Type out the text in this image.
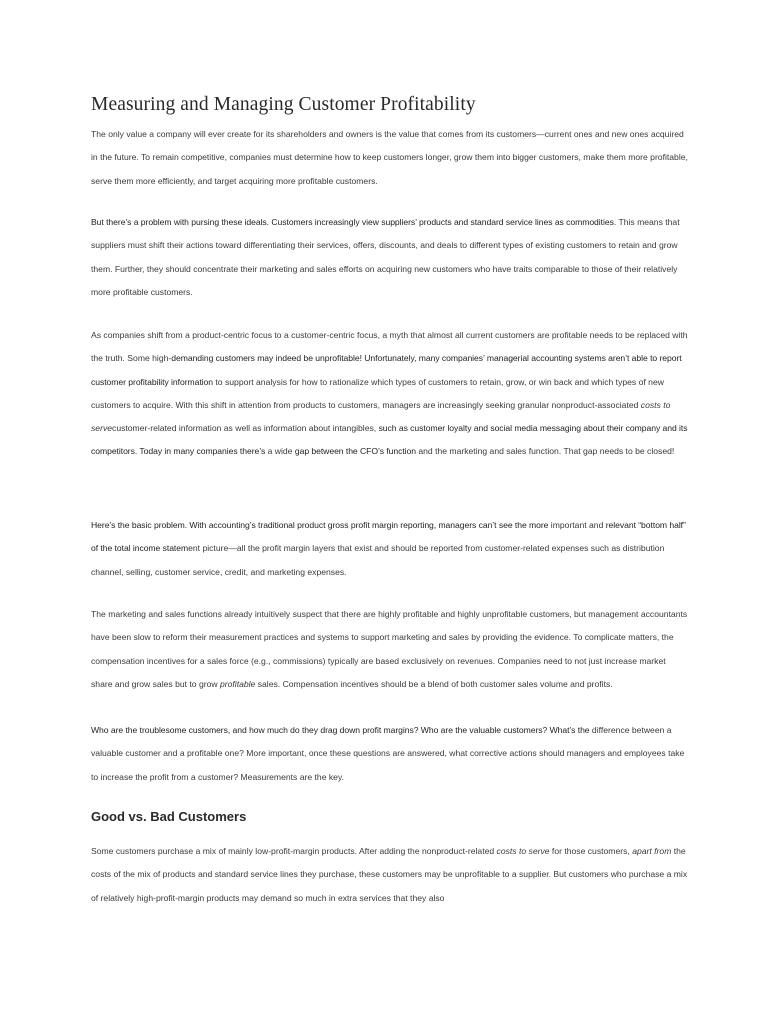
Measuring and Managing Customer Profitability

The only value a company will ever create for its shareholders and owners is the value that comes from its customers—current ones and new ones acquired in the future. To remain competitive, companies must determine how to keep customers longer, grow them into bigger customers, make them more profitable, serve them more efficiently, and target acquiring more profitable customers.

But there’s a problem with pursing these ideals. Customers increasingly view suppliers’ products and standard service lines as commodities. This means that suppliers must shift their actions toward differentiating their services, offers, discounts, and deals to different types of existing customers to retain and grow them. Further, they should concentrate their marketing and sales efforts on acquiring new customers who have traits comparable to those of their relatively more profitable customers.

As companies shift from a product-centric focus to a customer-centric focus, a myth that almost all current customers are profitable needs to be replaced with the truth. Some high-demanding customers may indeed be unprofitable! Unfortunately, many companies’ managerial accounting systems aren’t able to report customer profitability information to support analysis for how to rationalize which types of customers to retain, grow, or win back and which types of new customers to acquire. With this shift in attention from products to customers, managers are increasingly seeking granular nonproduct-associated costs to servecustomer-related information as well as information about intangibles, such as customer loyalty and social media messaging about their company and its competitors. Today in many companies there’s a wide gap between the CFO’s function and the marketing and sales function. That gap needs to be closed!

Here’s the basic problem. With accounting’s traditional product gross profit margin reporting, managers can’t see the more important and relevant “bottom half” of the total income statement picture—all the profit margin layers that exist and should be reported from customer-related expenses such as distribution channel, selling, customer service, credit, and marketing expenses.

The marketing and sales functions already intuitively suspect that there are highly profitable and highly unprofitable customers, but management accountants have been slow to reform their measurement practices and systems to support marketing and sales by providing the evidence. To complicate matters, the compensation incentives for a sales force (e.g., commissions) typically are based exclusively on revenues. Companies need to not just increase market share and grow sales but to grow profitable sales. Compensation incentives should be a blend of both customer sales volume and profits.

Who are the troublesome customers, and how much do they drag down profit margins? Who are the valuable customers? What’s the difference between a valuable customer and a profitable one? More important, once these questions are answered, what corrective actions should managers and employees take to increase the profit from a customer? Measurements are the key.

Good vs. Bad Customers

Some customers purchase a mix of mainly low-profit-margin products. After adding the nonproduct-related costs to serve for those customers, apart from the costs of the mix of products and standard service lines they purchase, these customers may be unprofitable to a supplier. But customers who purchase a mix of relatively high-profit-margin products may demand so much in extra services that they also
